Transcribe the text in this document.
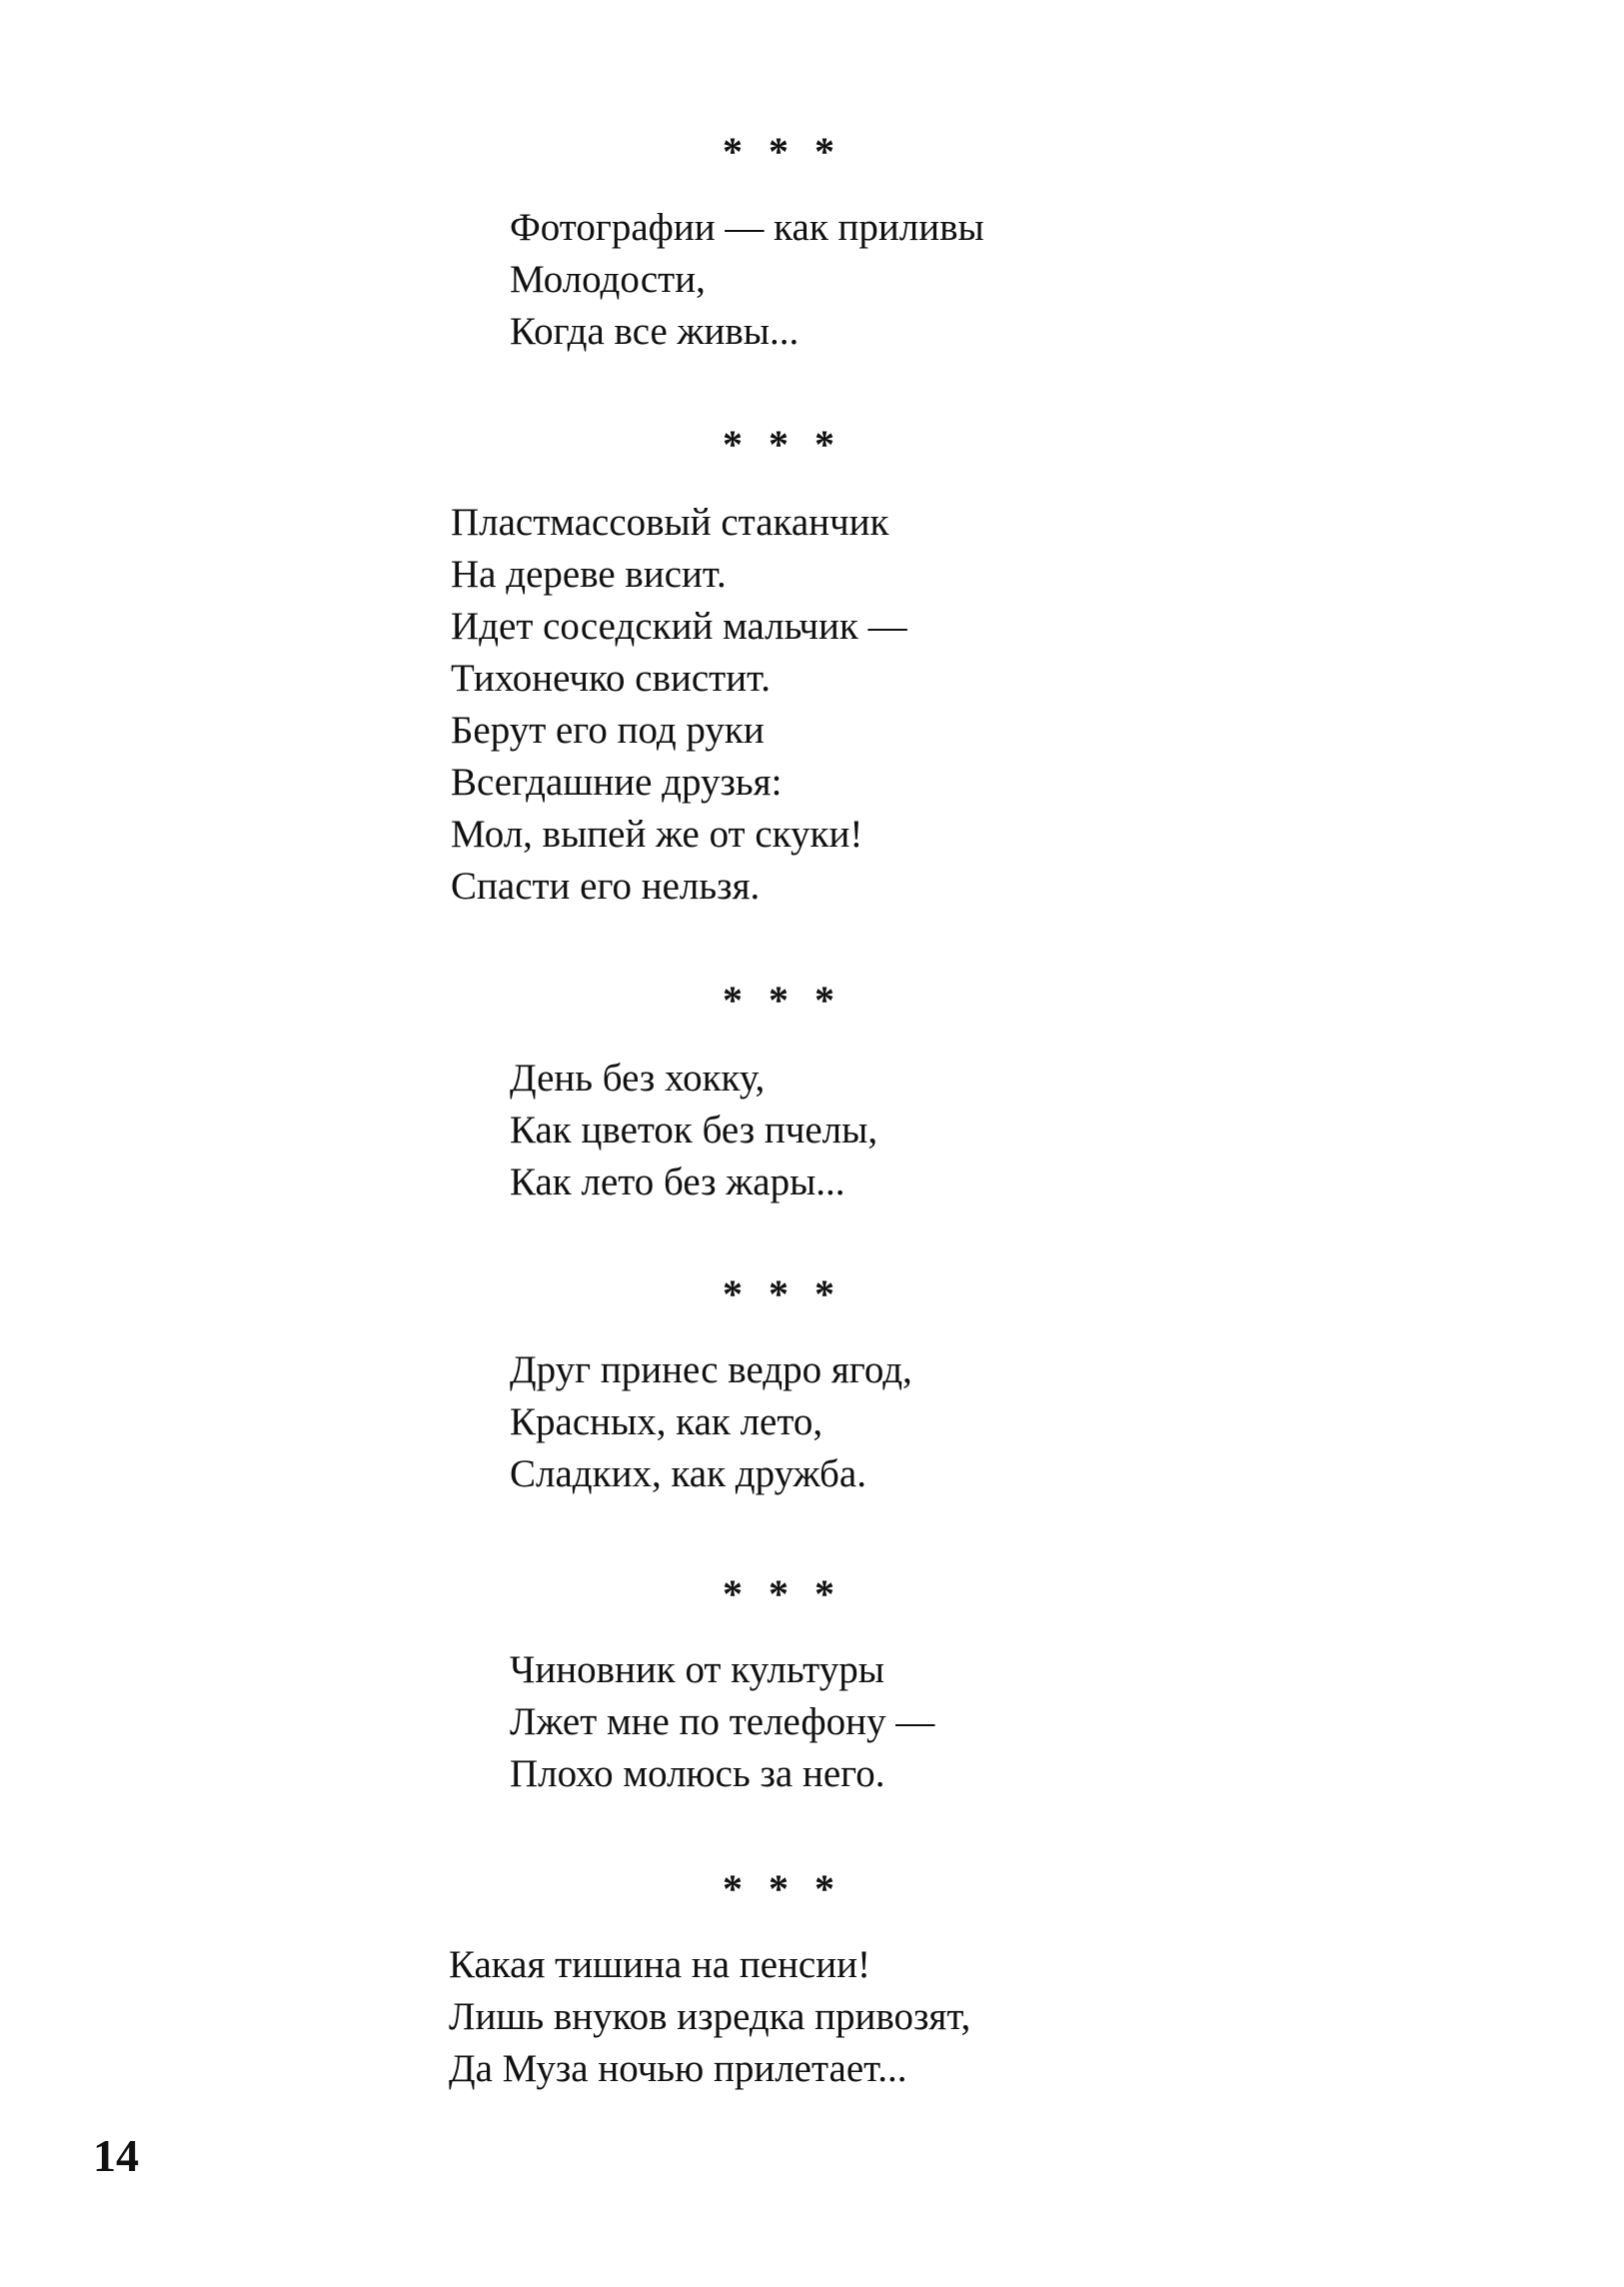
* * *
Фотографии — как приливы
Молодости,
Когда все живы...
* * *
Пластмассовый стаканчик
На дереве висит.
Идет соседский мальчик —
Тихонечко свистит.
Берут его под руки
Всегдашние друзья:
Мол, выпей же от скуки!
Спасти его нельзя.
* * *
День без хокку,
Как цветок без пчелы,
Как лето без жары...
* * *
Друг принес ведро ягод,
Красных, как лето,
Сладких, как дружба.
* * *
Чиновник от культуры
Лжет мне по телефону —
Плохо молюсь за него.
* * *
Какая тишина на пенсии!
Лишь внуков изредка привозят,
Да Муза ночью прилетает...
14
